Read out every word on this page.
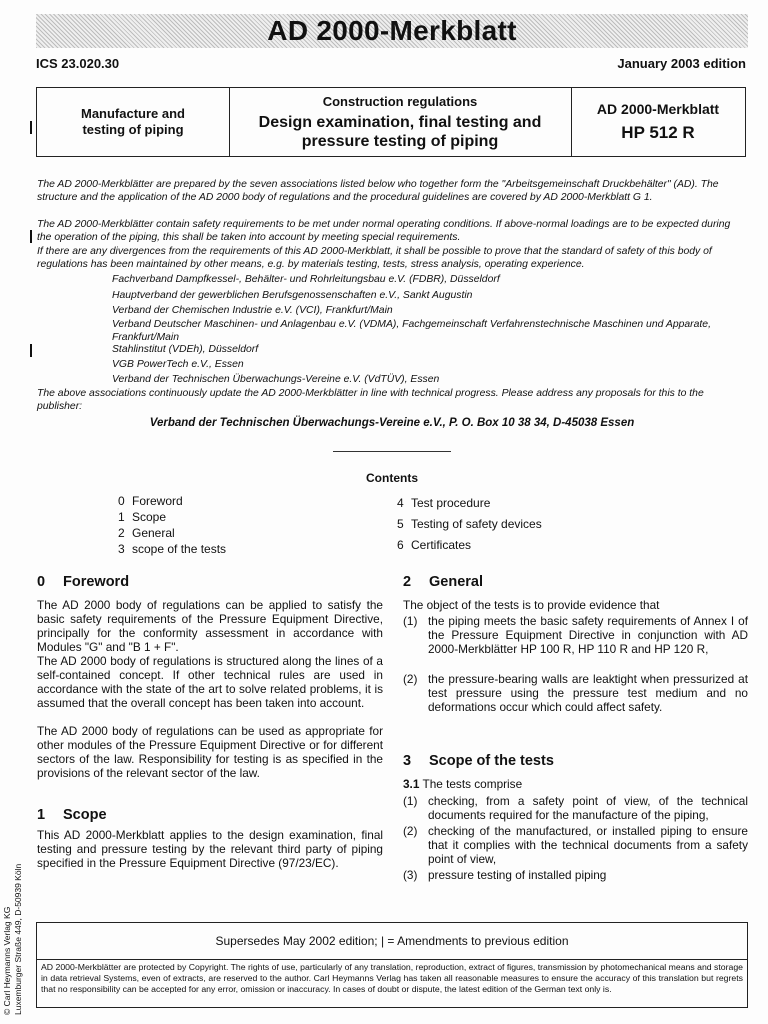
AD 2000-Merkblatt
ICS 23.020.30	January 2003 edition
Manufacture and testing of piping
Construction regulations
Design examination, final testing and pressure testing of piping
AD 2000-Merkblatt
HP 512 R
The AD 2000-Merkblätter are prepared by the seven associations listed below who together form the "Arbeitsgemeinschaft Druckbehälter" (AD). The structure and the application of the AD 2000 body of regulations and the procedural guidelines are covered by AD 2000-Merkblatt G 1.
The AD 2000-Merkblätter contain safety requirements to be met under normal operating conditions. If above-normal loadings are to be expected during the operation of the piping, this shall be taken into account by meeting special requirements.
If there are any divergences from the requirements of this AD 2000-Merkblatt, it shall be possible to prove that the standard of safety of this body of regulations has been maintained by other means, e.g. by materials testing, tests, stress analysis, operating experience.
Fachverband Dampfkessel-, Behälter- und Rohrleitungsbau e.V. (FDBR), Düsseldorf
Hauptverband der gewerblichen Berufsgenossenschaften e.V., Sankt Augustin
Verband der Chemischen Industrie e.V. (VCI), Frankfurt/Main
Verband Deutscher Maschinen- und Anlagenbau e.V. (VDMA), Fachgemeinschaft Verfahrenstechnische Maschinen und Apparate, Frankfurt/Main
Stahlinstitut (VDEh), Düsseldorf
VGB PowerTech e.V., Essen
Verband der Technischen Überwachungs-Vereine e.V. (VdTÜV), Essen
The above associations continuously update the AD 2000-Merkblätter in line with technical progress. Please address any proposals for this to the publisher:
Verband der Technischen Überwachungs-Vereine e.V., P. O. Box 10 38 34, D-45038 Essen
Contents
0 Foreword
1 Scope
2 General
3 scope of the tests
4 Test procedure
5 Testing of safety devices
6 Certificates
0 Foreword
The AD 2000 body of regulations can be applied to satisfy the basic safety requirements of the Pressure Equipment Directive, principally for the conformity assessment in accordance with Modules "G" and "B 1 + F".
The AD 2000 body of regulations is structured along the lines of a self-contained concept. If other technical rules are used in accordance with the state of the art to solve related problems, it is assumed that the overall concept has been taken into account.
The AD 2000 body of regulations can be used as appropriate for other modules of the Pressure Equipment Directive or for different sectors of the law. Responsibility for testing is as specified in the provisions of the relevant sector of the law.
1 Scope
This AD 2000-Merkblatt applies to the design examination, final testing and pressure testing by the relevant third party of piping specified in the Pressure Equipment Directive (97/23/EC).
2 General
The object of the tests is to provide evidence that
(1) the piping meets the basic safety requirements of Annex I of the Pressure Equipment Directive in conjunction with AD 2000-Merkblätter HP 100 R, HP 110 R and HP 120 R,
(2) the pressure-bearing walls are leaktight when pressurized at test pressure using the pressure test medium and no deformations occur which could affect safety.
3 Scope of the tests
3.1 The tests comprise
(1) checking, from a safety point of view, of the technical documents required for the manufacture of the piping,
(2) checking of the manufactured, or installed piping to ensure that it complies with the technical documents from a safety point of view,
(3) pressure testing of installed piping
© Carl Heymanns Verlag KG Luxemburger Straße 449, D-50939 Köln	Supersedes May 2002 edition; | = Amendments to previous edition
AD 2000-Merkblätter are protected by Copyright. The rights of use, particularly of any translation, reproduction, extract of figures, transmission by photomechanical means and storage in data retrieval Systems, even of extracts, are reserved to the author. Carl Heymanns Verlag has taken all reasonable measures to ensure the accuracy of this translation but regrets that no responsibility can be accepted for any error, omission or inaccuracy. In cases of doubt or dispute, the latest edition of the German text only is.
